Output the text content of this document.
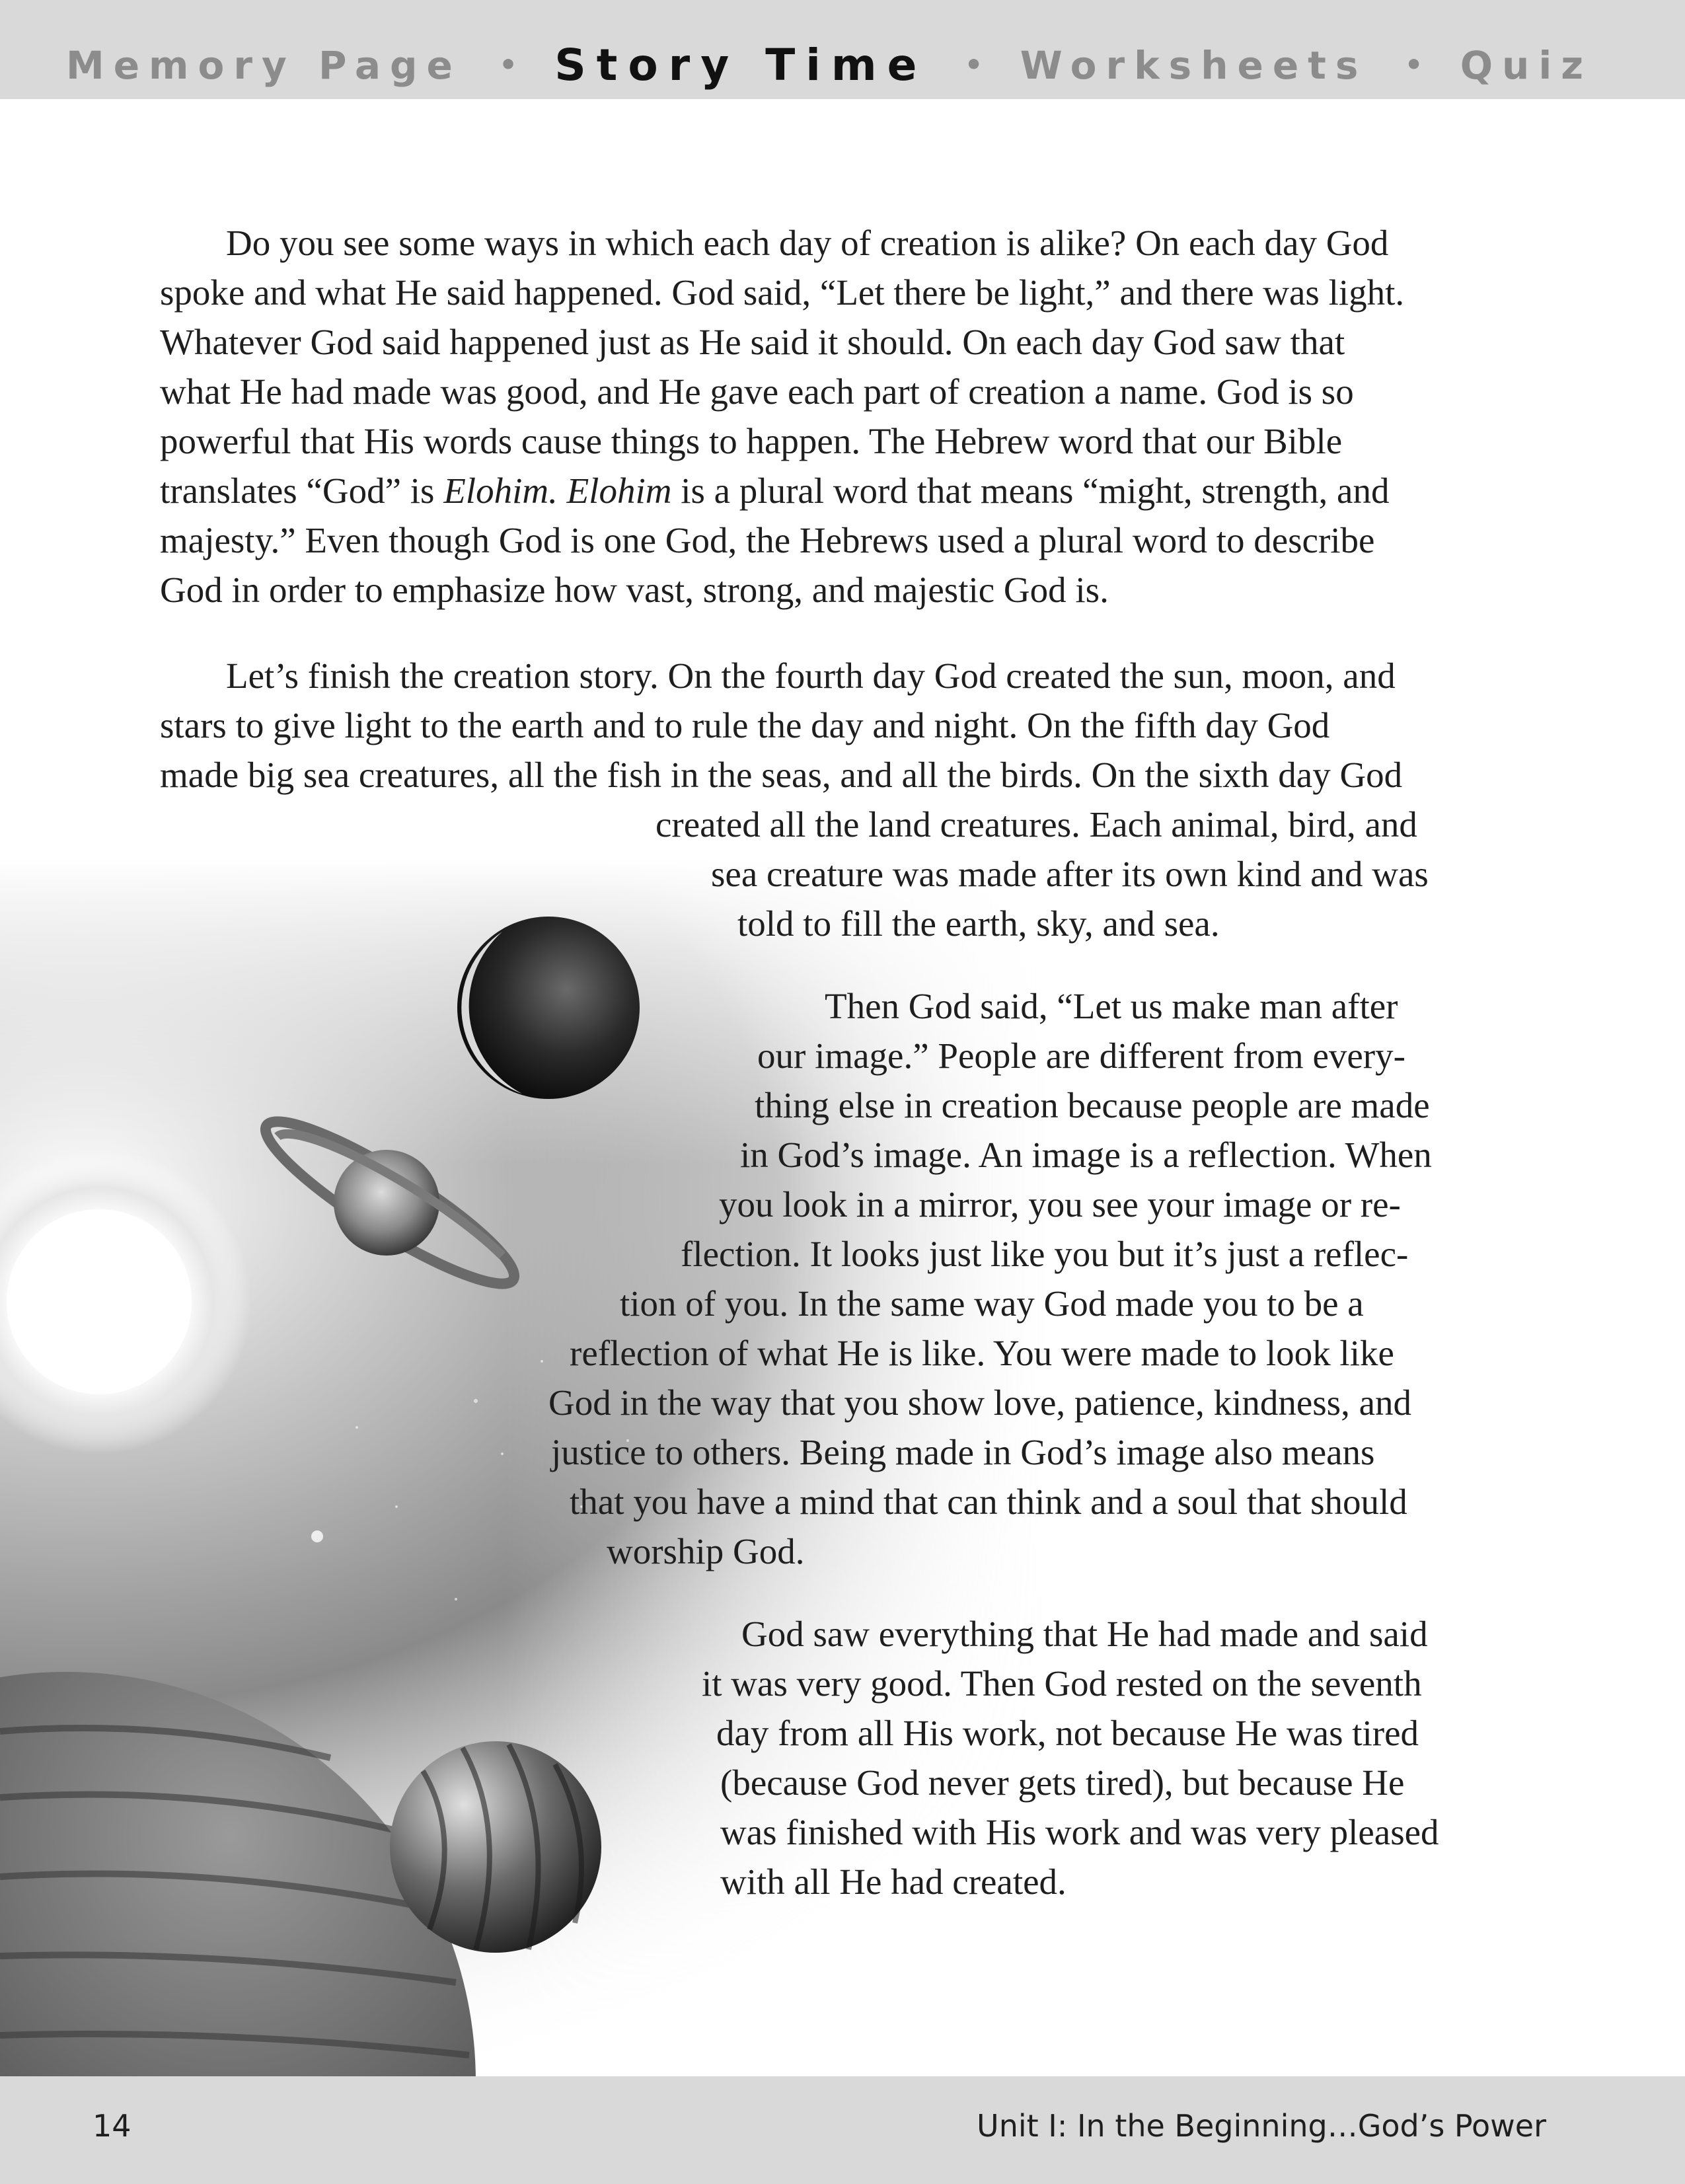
Memory Page • Story Time • Worksheets • Quiz
Do you see some ways in which each day of creation is alike? On each day God
spoke and what He said happened. God said, “Let there be light,” and there was light.
Whatever God said happened just as He said it should. On each day God saw that
what He had made was good, and He gave each part of creation a name. God is so
powerful that His words cause things to happen. The Hebrew word that our Bible
translates “God” is Elohim. Elohim is a plural word that means “might, strength, and
majesty.” Even though God is one God, the Hebrews used a plural word to describe
God in order to emphasize how vast, strong, and majestic God is.
Let’s finish the creation story. On the fourth day God created the sun, moon, and
stars to give light to the earth and to rule the day and night. On the fifth day God
made big sea creatures, all the fish in the seas, and all the birds. On the sixth day God
created all the land creatures. Each animal, bird, and
sea creature was made after its own kind and was
told to fill the earth, sky, and sea.
Then God said, “Let us make man after
our image.” People are different from every-
thing else in creation because people are made
in God’s image. An image is a reflection. When
you look in a mirror, you see your image or re-
flection. It looks just like you but it’s just a reflec-
tion of you. In the same way God made you to be a
reflection of what He is like. You were made to look like
God in the way that you show love, patience, kindness, and
justice to others. Being made in God’s image also means
that you have a mind that can think and a soul that should
worship God.
God saw everything that He had made and said
it was very good. Then God rested on the seventh
day from all His work, not because He was tired
(because God never gets tired), but because He
was finished with His work and was very pleased
with all He had created.
14	Unit I: In the Beginning…God’s Power
